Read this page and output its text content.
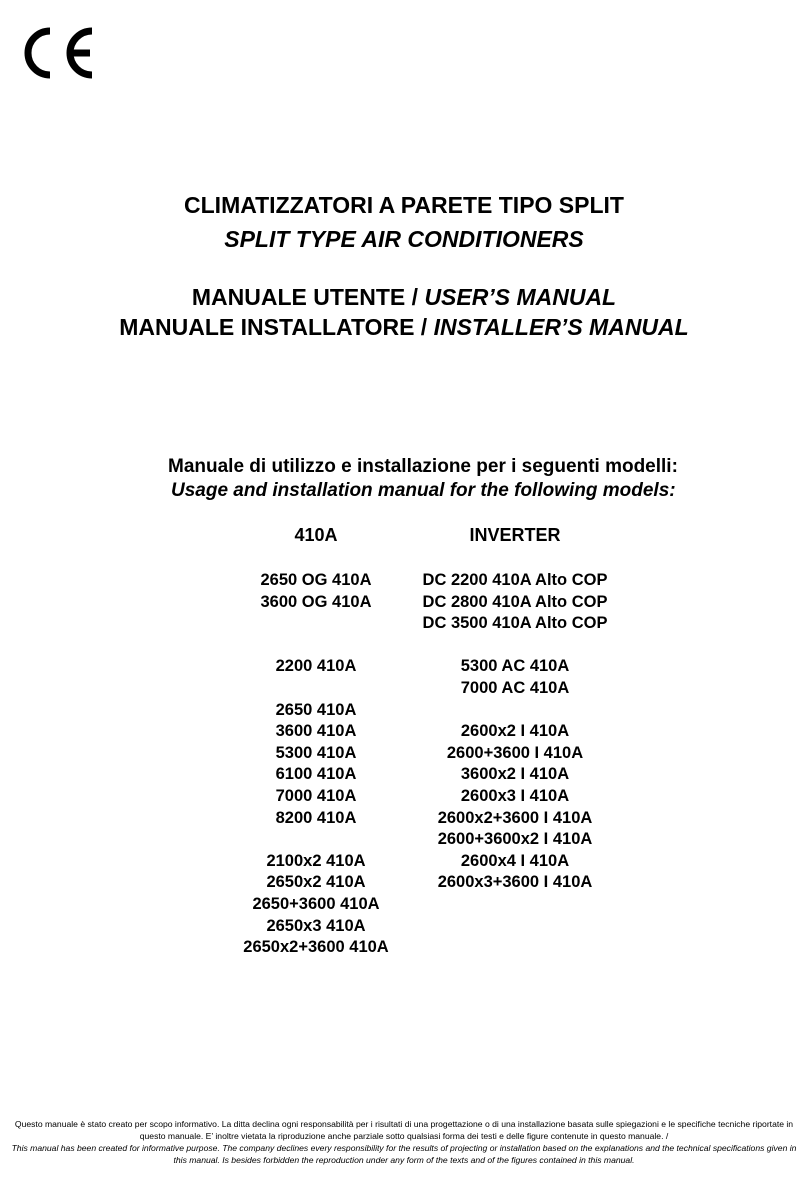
CLIMATIZZATORI A PARETE TIPO SPLIT
SPLIT TYPE AIR CONDITIONERS
MANUALE UTENTE / USER’S MANUAL
MANUALE INSTALLATORE / INSTALLER’S MANUAL
Manuale di utilizzo e installazione per i seguenti modelli:
Usage and installation manual for the following models:
410A
2650 OG 410A
3600 OG 410A
2200 410A
2650 410A
3600 410A
5300 410A
6100 410A
7000 410A
8200 410A
2100x2 410A
2650x2 410A
2650+3600 410A
2650x3 410A
2650x2+3600 410A
INVERTER
DC 2200 410A Alto COP
DC 2800 410A Alto COP
DC 3500 410A Alto COP
5300 AC 410A
7000 AC 410A
2600x2 I 410A
2600+3600 I 410A
3600x2 I 410A
2600x3 I 410A
2600x2+3600 I 410A
2600+3600x2 I 410A
2600x4 I 410A
2600x3+3600 I 410A
Questo manuale è stato creato per scopo informativo. La ditta declina ogni responsabilità per i risultati di una progettazione o di una installazione basata sulle spiegazioni e le specifiche tecniche riportate in questo manuale. E’ inoltre vietata la riproduzione anche parziale sotto qualsiasi forma dei testi e delle figure contenute in questo manuale. /
This manual has been created for informative purpose. The company declines every responsibility for the results of projecting or installation based on the explanations and the technical specifications given in this manual. Is besides forbidden the reproduction under any form of the texts and of the figures contained in this manual.
